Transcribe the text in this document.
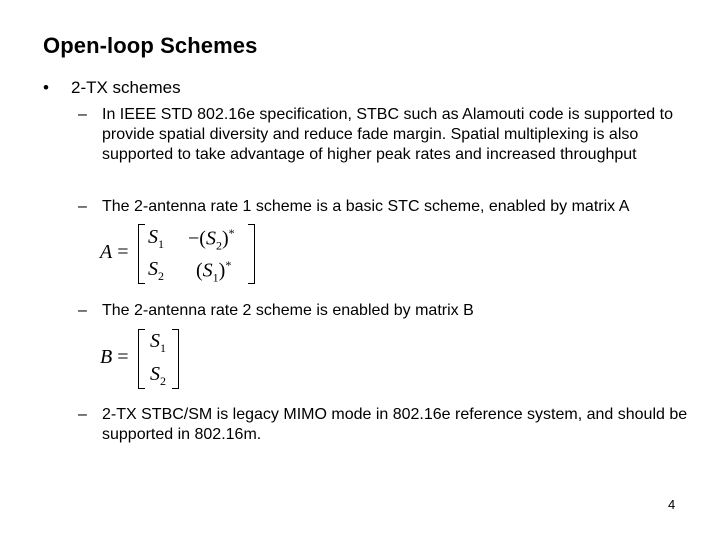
Open-loop Schemes
• 2-TX schemes
– In IEEE STD 802.16e specification, STBC such as Alamouti code is supported to provide spatial diversity and reduce fade margin. Spatial multiplexing is also supported to take advantage of higher peak rates and increased throughput
– The 2-antenna rate 1 scheme is a basic STC scheme, enabled by matrix A
A =
$S_1 -(S_2)^*$
$S_2$ $(S_1)^*$
– The 2-antenna rate 2 scheme is enabled by matrix B
B =
$S_1$
$S_2$
– 2-TX STBC/SM is legacy MIMO mode in 802.16e reference system, and should be supported in 802.16m.
4
